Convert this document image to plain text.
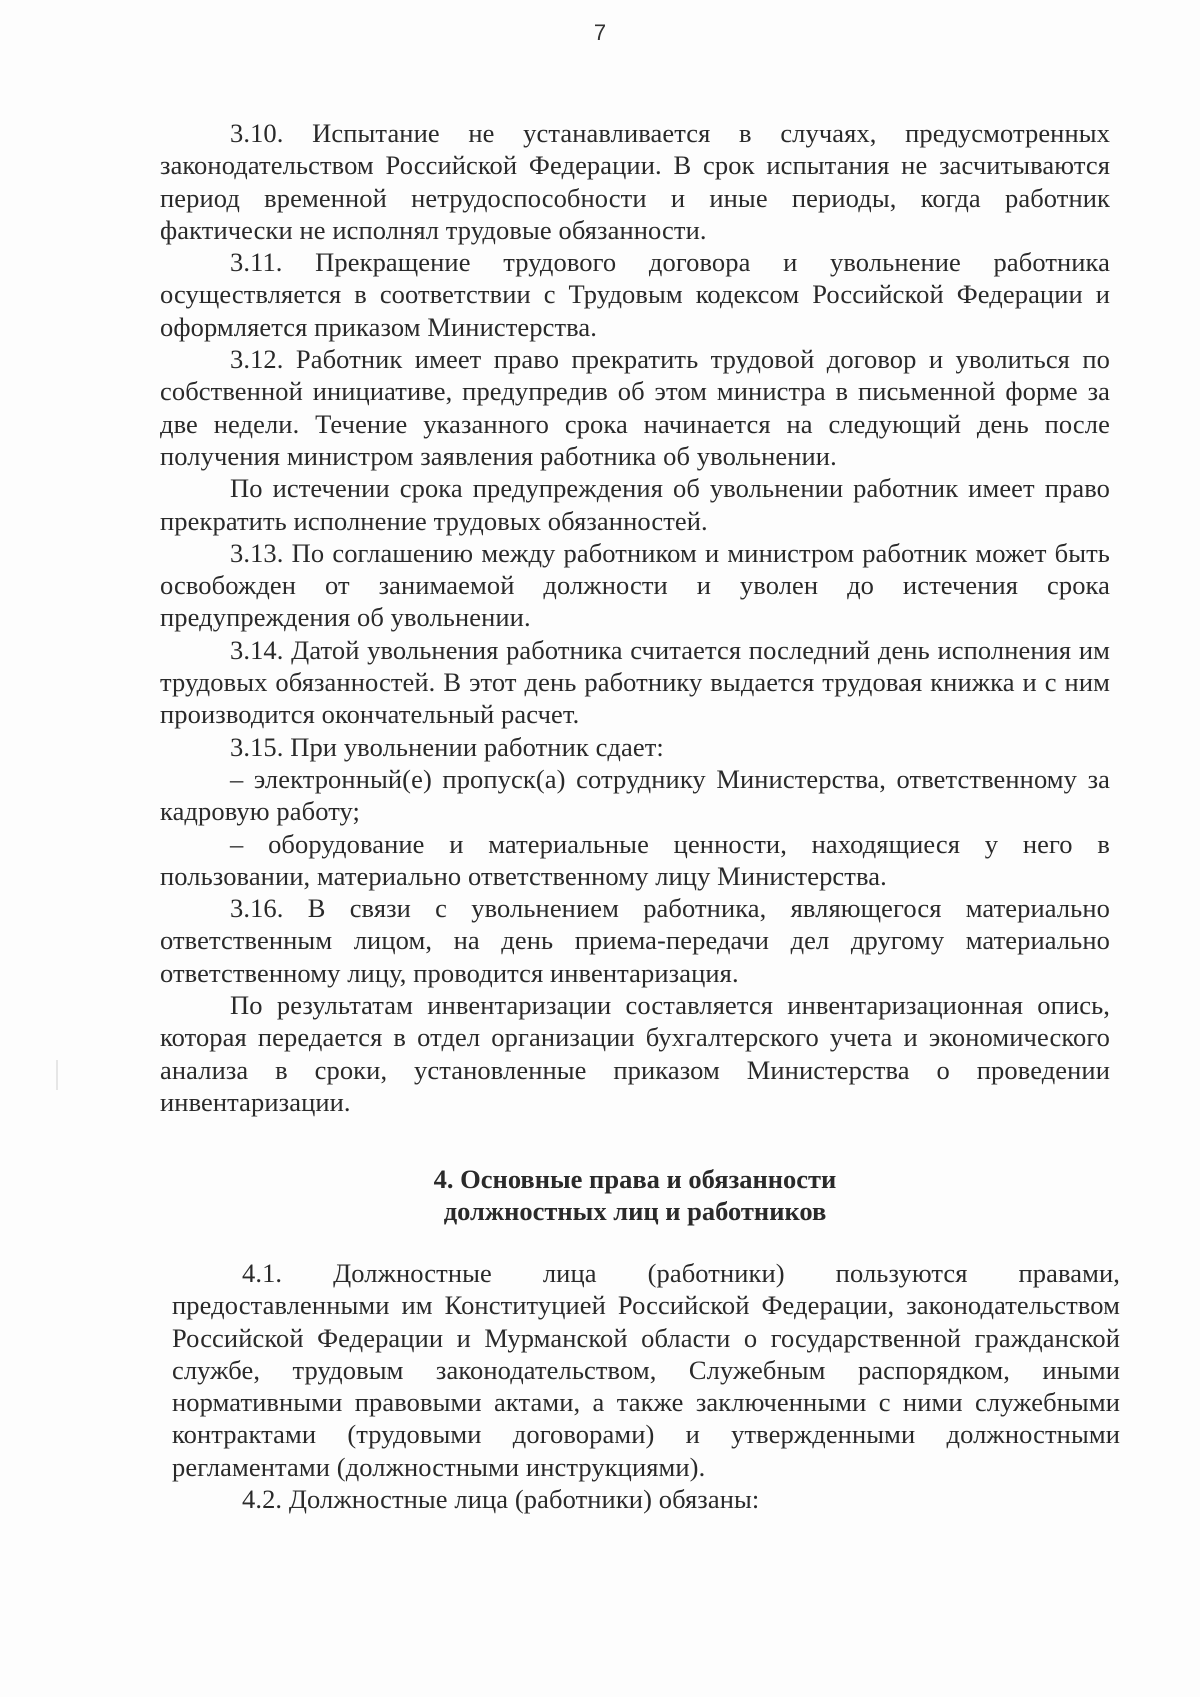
7

3.10. Испытание не устанавливается в случаях, предусмотренных законодательством Российской Федерации. В срок испытания не засчитываются период временной нетрудоспособности и иные периоды, когда работник фактически не исполнял трудовые обязанности.

3.11. Прекращение трудового договора и увольнение работника осуществляется в соответствии с Трудовым кодексом Российской Федерации и оформляется приказом Министерства.

3.12. Работник имеет право прекратить трудовой договор и уволиться по собственной инициативе, предупредив об этом министра в письменной форме за две недели. Течение указанного срока начинается на следующий день после получения министром заявления работника об увольнении.

По истечении срока предупреждения об увольнении работник имеет право прекратить исполнение трудовых обязанностей.

3.13. По соглашению между работником и министром работник может быть освобожден от занимаемой должности и уволен до истечения срока предупреждения об увольнении.

3.14. Датой увольнения работника считается последний день исполнения им трудовых обязанностей. В этот день работнику выдается трудовая книжка и с ним производится окончательный расчет.

3.15. При увольнении работник сдает:

– электронный(е) пропуск(а) сотруднику Министерства, ответственному за кадровую работу;

– оборудование и материальные ценности, находящиеся у него в пользовании, материально ответственному лицу Министерства.

3.16. В связи с увольнением работника, являющегося материально ответственным лицом, на день приема-передачи дел другому материально ответственному лицу, проводится инвентаризация.

По результатам инвентаризации составляется инвентаризационная опись, которая передается в отдел организации бухгалтерского учета и экономического анализа в сроки, установленные приказом Министерства о проведении инвентаризации.

4. Основные права и обязанности
должностных лиц и работников

4.1. Должностные лица (работники) пользуются правами, предоставленными им Конституцией Российской Федерации, законодательством Российской Федерации и Мурманской области о государственной гражданской службе, трудовым законодательством, Служебным распорядком, иными нормативными правовыми актами, а также заключенными с ними служебными контрактами (трудовыми договорами) и утвержденными должностными регламентами (должностными инструкциями).

4.2. Должностные лица (работники) обязаны:
